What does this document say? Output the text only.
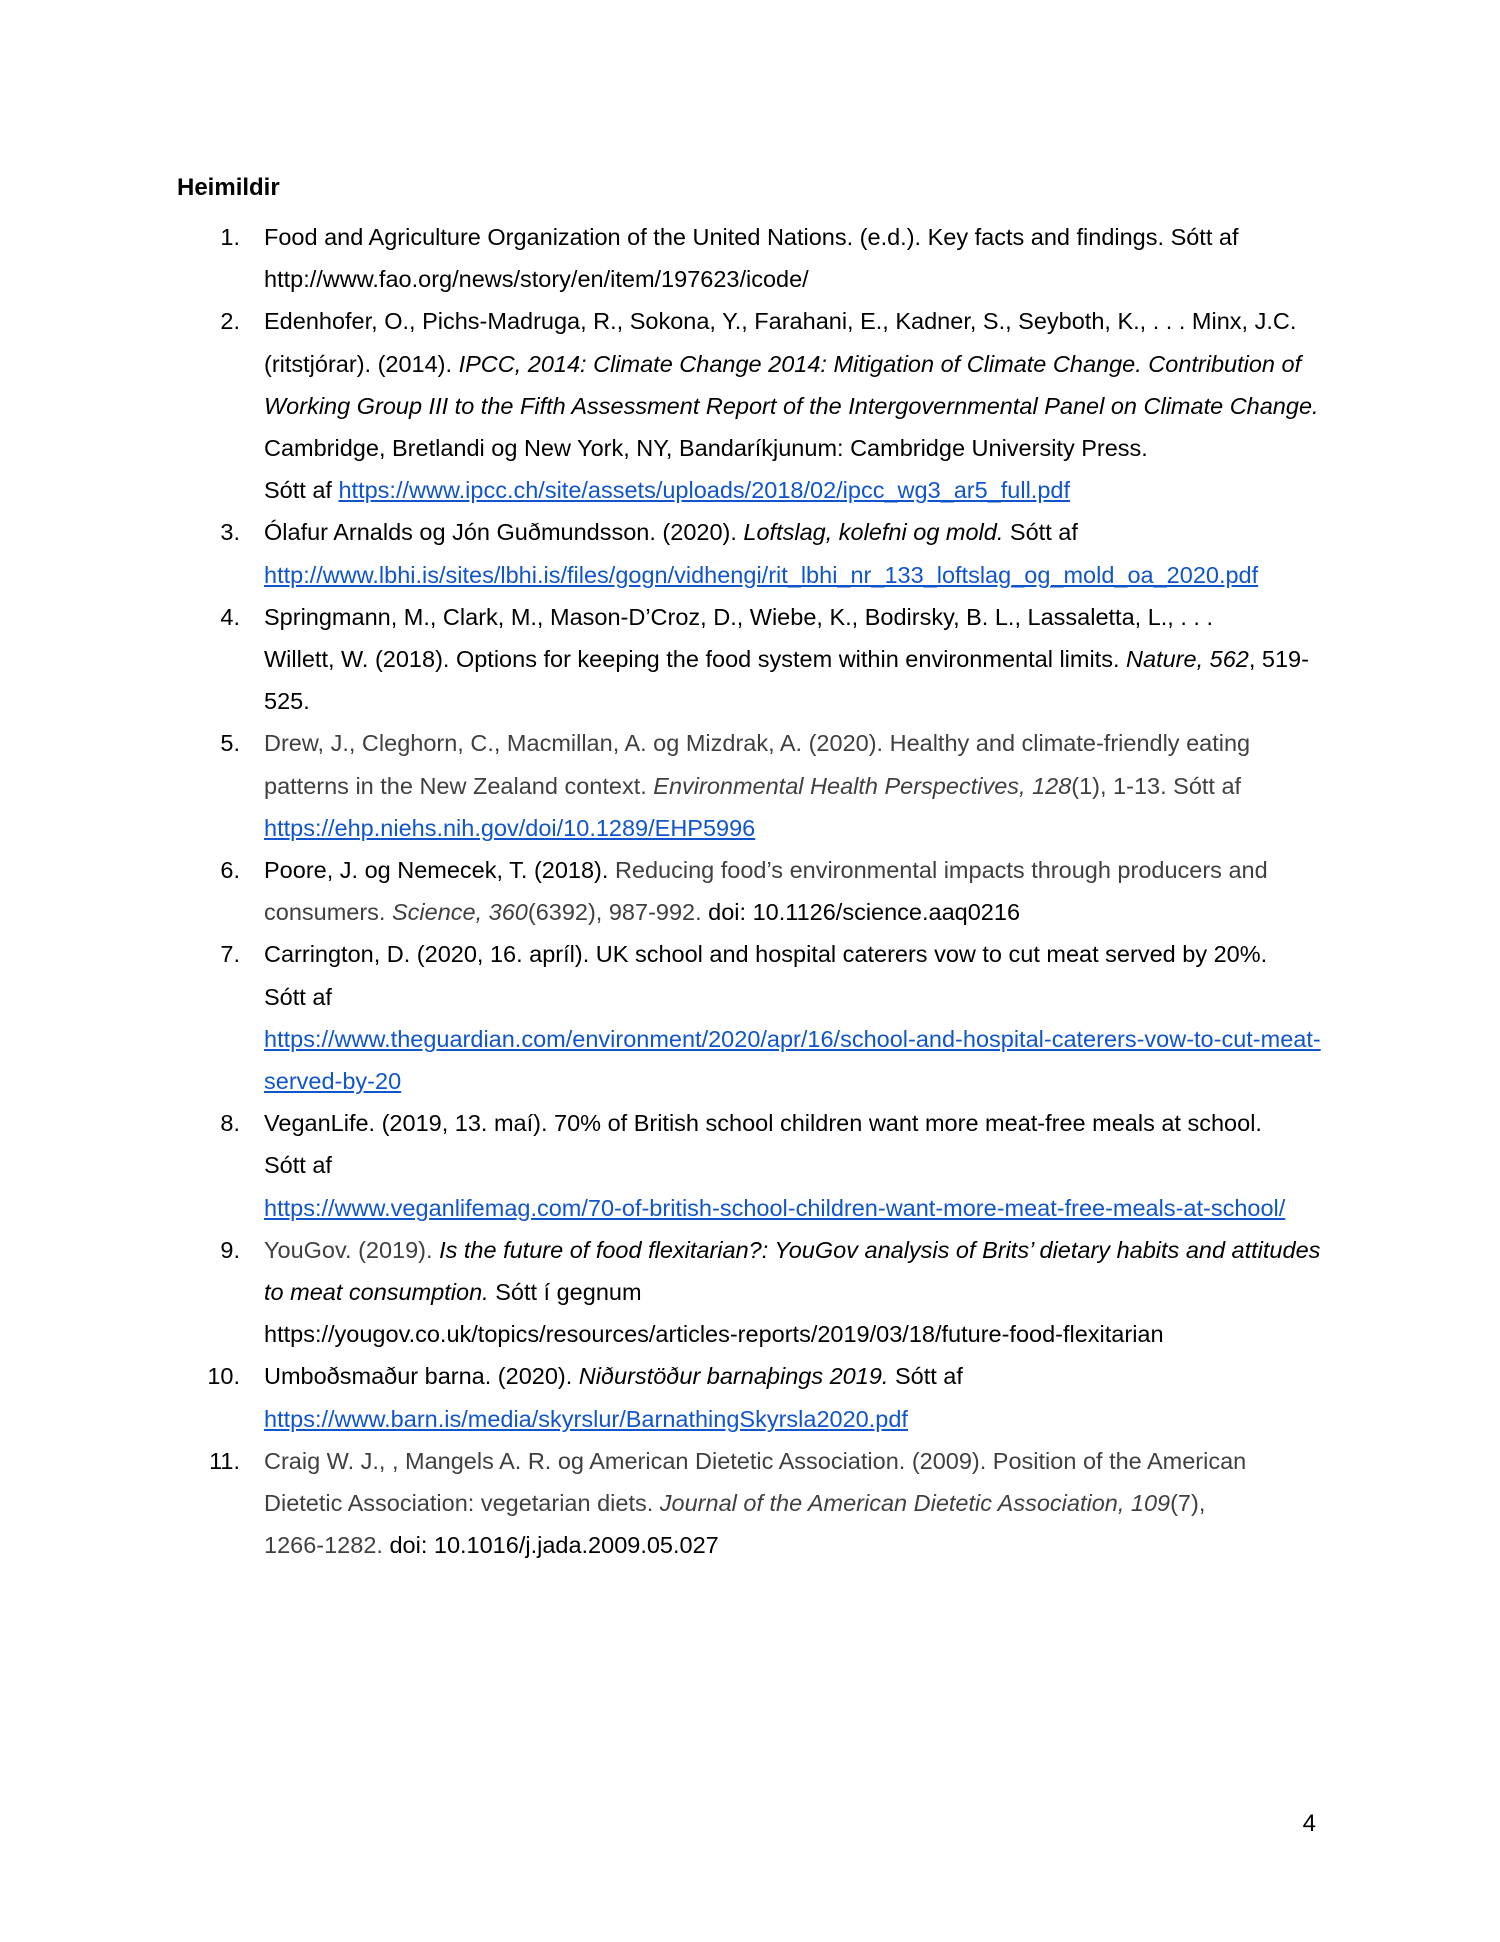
Heimildir
1. Food and Agriculture Organization of the United Nations. (e.d.). Key facts and findings. Sótt af
http://www.fao.org/news/story/en/item/197623/icode/
2. Edenhofer, O., Pichs-Madruga, R., Sokona, Y., Farahani, E., Kadner, S., Seyboth, K., . . . Minx, J.C. (ritstjórar). (2014). IPCC, 2014: Climate Change 2014: Mitigation of Climate Change. Contribution of Working Group III to the Fifth Assessment Report of the Intergovernmental Panel on Climate Change. Cambridge, Bretlandi og New York, NY, Bandaríkjunum: Cambridge University Press.
Sótt af https://www.ipcc.ch/site/assets/uploads/2018/02/ipcc_wg3_ar5_full.pdf
3. Ólafur Arnalds og Jón Guðmundsson. (2020). Loftslag, kolefni og mold. Sótt af
http://www.lbhi.is/sites/lbhi.is/files/gogn/vidhengi/rit_lbhi_nr_133_loftslag_og_mold_oa_2020.pdf
4. Springmann, M., Clark, M., Mason-D’Croz, D., Wiebe, K., Bodirsky, B. L., Lassaletta, L., . . .
Willett, W. (2018). Options for keeping the food system within environmental limits. Nature, 562, 519-525.
5. Drew, J., Cleghorn, C., Macmillan, A. og Mizdrak, A. (2020). Healthy and climate-friendly eating patterns in the New Zealand context. Environmental Health Perspectives, 128(1), 1-13. Sótt af
https://ehp.niehs.nih.gov/doi/10.1289/EHP5996
6. Poore, J. og Nemecek, T. (2018). Reducing food’s environmental impacts through producers and consumers. Science, 360(6392), 987-992. doi: 10.1126/science.aaq0216
7. Carrington, D. (2020, 16. apríl). UK school and hospital caterers vow to cut meat served by 20%.
Sótt af
https://www.theguardian.com/environment/2020/apr/16/school-and-hospital-caterers-vow-to-cut-meat-served-by-20
8. VeganLife. (2019, 13. maí). 70% of British school children want more meat-free meals at school.
Sótt af
https://www.veganlifemag.com/70-of-british-school-children-want-more-meat-free-meals-at-school/
9. YouGov. (2019). Is the future of food flexitarian?: YouGov analysis of Brits’ dietary habits and attitudes to meat consumption. Sótt í gegnum
https://yougov.co.uk/topics/resources/articles-reports/2019/03/18/future-food-flexitarian
10. Umboðsmaður barna. (2020). Niðurstöður barnaþings 2019. Sótt af
https://www.barn.is/media/skyrslur/BarnathingSkyrsla2020.pdf
11. Craig W. J., , Mangels A. R. og American Dietetic Association. (2009). Position of the American Dietetic Association: vegetarian diets. Journal of the American Dietetic Association, 109(7),
1266-1282. doi: 10.1016/j.jada.2009.05.027
4
